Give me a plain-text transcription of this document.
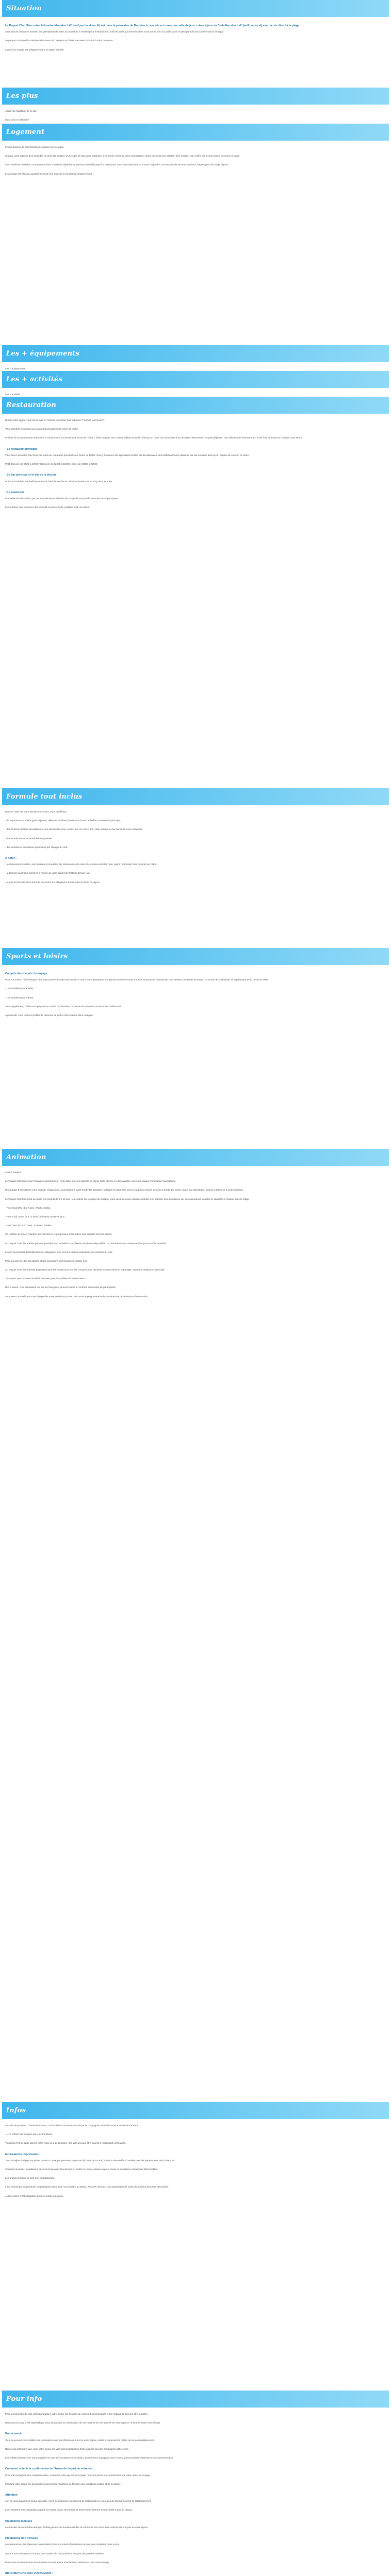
Situation
Le Paquet Club Starcruise Polonaise Marrakech 4* (tarif par local sur lit) est dans la polonaise de Marrakech, tout où se trouve une salle de jeux, mises à jour du Club Marrakech 4* (tarif par local) avec accès direct à la plage.
Sauf avis de l'écran en fonction des prestations de base, la procédure à l'entrée pour le Marrakech, mais les amis qui viennent chez vous seront bien accueillis dans ce petit paradis sur la côte nord de l'Afrique.
Le paquet comprend le transfert aller-retour de l'aéroport et l'hôtel Marrakech 4* situé à 8 km du centre.
La part du voyage est obligatoire dans la vague actuelle.
Les plus
A l'abri de l'agitation de la ville
Idéal pour se détendre
Logement
L'hôtel dispose de 218 chambres réparties sur 2 étages.
Chaque unité dispose d'un lit double ou deux lits simples, d'une salle de bain avec baignoire, d'un sèche-cheveux, de la climatisation, d'une télévision par satellite, d'un minibar, d'un coffre-fort et d'un balcon ou d'une terrasse.
Les chambres familiales comprennent deux chambres séparées et peuvent accueillir jusqu'à 4 personnes. Les suites disposent d'un salon séparé et d'un espace de vie plus spacieux, idéales pour les longs séjours.
Le ménage est effectué quotidiennement et le linge de lit est changé régulièrement.
Les + équipements
Les + équipements
Les + activités
Les + activités
Restauration
Durant votre séjour, vous serez logé en formule tout inclus (voir rubrique "Formule tout inclus").
Vous prendrez vos repas au restaurant principal sous forme de buffet.
Profitez de la gastronomie marocaine à volonté avec la formule tout inclus de l'hôtel. L'hôtel propose une cuisine raffinée au buffet ainsi qu'un choix de restaurants à la carte (sur réservation). Au petit-déjeuner, une sélection de viennoiseries, fruits frais et boissons chaudes vous attend.
- Le restaurant principal
Vous serez accueillis pour tous vos repas au restaurant principal sous forme de buffet. Vous y trouverez des spécialités locales et internationales, des buffets à thème plusieurs fois par semaine ainsi qu'un espace de cuisson en direct.
Petit-déjeuner de 7h00 à 10h00 / Déjeuner de 12h30 à 15h00 / Dîner de 19h00 à 22h00
- Le bar principal et le bar de la piscine
Boissons fraîches, cocktails sans alcool, thé à la menthe et collations servis tout au long de la journée.
- Le snack-bar
Une sélection de snacks, pizzas, sandwiches et salades est proposée en journée entre les repas principaux.
Les horaires sont donnés à titre indicatif et peuvent être modifiés selon la saison.
Formule tout inclus
Dans le cadre de votre formule tout inclus, vous bénéficiez :
- de la pension complète (petit-déjeuner, déjeuner et dîner) servie sous forme de buffet au restaurant principal,
- des boissons locales alcoolisées et non alcoolisées (eau, sodas, jus, vin, bière, thé, café) servies au bar principal et au restaurant,
- des snacks servis au snack-bar en journée,
- des activités et animations proposées par l'équipe du club.
A noter :
- les boissons importées, les boissons en bouteille, les restaurants à la carte et certaines activités (spa, sports motorisés) sont payants sur place.
- la formule tout inclus prend fin à l'heure de votre départ de l'hôtel le dernier jour.
- le port du bracelet de la formule tout inclus est obligatoire durant toute la durée du séjour.
Sports et loisirs
Compris dans le prix du voyage
Pour vos loisirs, l'hôtel Paquet Club Starcruise Polonaise Marrakech 4* met à votre disposition une piscine extérieure avec transats et parasols, une piscine pour enfants, un terrain de tennis, un terrain de volley-ball, de la pétanque et du tennis de table.
- Les activités pour adultes
- Les activités pour enfants
Avec supplément, l'hôtel vous propose un centre de bien-être, un centre de beauté et un hammam traditionnel.
A proximité, vous pourrez profiter de parcours de golf et d'excursions dans la région.
Animation
Station Paquet
Le Paquet Club Starcruise Polonaise Marrakech 4*, notre label qui vous garantit un séjour festif et riche en découvertes, avec une équipe d'animation francophone.
Une équipe d'animateurs vous propose chaque jour un programme varié d'activités sportives, ludiques et culturelles pour les adultes comme pour les enfants. En soirée, place aux spectacles, soirées à thème et à la discothèque.
Le Paquet Club Mini-Club accueille vos enfants de 4 à 12 ans : les enfants ont le plaisir de partager leurs vacances avec d'autres enfants. Les activités sont encadrées par des animateurs qualifiés et adaptées à chaque tranche d'âge.
- Pour Club Mini (4 à 7 ans) : Poule, Simba
- Pour Club Junior (8 à 12 ans) : Animation sportive, jeux
- Pour Teen (12 à 17 ans) : Activités, soirées
Ce nombre de lits en chambre, les activités et le programme d'animation sont adaptés selon la saison.
Au Paquet Club, les enfants peuvent participer aux activités sous réserve de places disponibles. Le club enfants est ouvert tous les jours sauf le vendredi.
Le port du bracelet d'identification est obligatoire pour tous les enfants participant aux activités du club.
Pour les soirées, des spectacles et des animations sont proposés chaque soir.
Au Paquet Club, les activités proposées pour les adolescents ont été conçues pour favoriser les rencontres et le partage, dans une ambiance conviviale.
- Il se peut que certaines activités ne soient pas disponibles en basse saison.
Bon à savoir : Les animations ont lieu en français et peuvent varier en fonction du nombre de participants.
Vous serez accueilli par notre équipe dès votre arrivée et pourrez découvrir le programme de la semaine lors de la réunion d'information.
Infos
Situation importante : Transavia France : Vol à l'aller et au retour assuré par la compagnie Transavia France au départ de Paris.
+ 4 % d'hôtel tout compris pour les transferts.
Transavia France (vols opérés entre Paris et la destination) : les vols peuvent être soumis à modification d'horaires.
Informations importantes :
Taxe de séjour à régler sur place : environ 2,50 € par personne et par nuit (à partir de 18 ans). Caution demandée à l'arrivée pour les équipements de la chambre.
Certaines activités, installations et services peuvent être fermés ou limités en basse saison ou pour cause de conditions climatiques défavorables.
Les photos présentées sont non contractuelles.
Il est nécessaire de présenter un passeport valide pour vous rendre au Maroc. Pour les mineurs, une autorisation de sortie du territoire peut être demandée.
Aucun vaccin n'est obligatoire pour se rendre au Maroc.
Pour info
Pour la recherche de vols correspondants à votre séjour, les horaires de vols sont communiqués à titre indicatif et peuvent être modifiés.
Dans tous les cas, il est impératif que vous demandiez la confirmation de vos horaires de vols auprès de votre agence 72 heures avant votre départ.
Bon à savoir :
Vous ne pouvez pas modifier vos réservations une fois effectuées. Lors de votre séjour, veillez à respecter les règles de vie de l'établissement.
Nous vous informons que, pour votre séjour, les vols sont susceptibles d'être assurés par des compagnies différentes.
Les enfants mineurs non accompagnés ne sont pas acceptés sur ce séjour. Les mineurs voyageant avec un seul parent doivent présenter les documents requis.
Comment obtenir la confirmation de l'heure de départ de votre vol :
Pour tout renseignement complémentaire, contactez votre agence de voyage. Vous trouverez les coordonnées sur votre carnet de voyage.
Pendant votre séjour, les prestations peuvent être modifiées en fonction des conditions locales et de la saison.
Attention
Afin de vous garantir un séjour agréable, merci de respecter les horaires de restauration et les règles de fonctionnement de l'établissement.
Les chambres sont disponibles à partir de 14h00 le jour de l'arrivée et doivent être libérées avant 12h00 le jour du départ.
Prestations incluses
Le transfert aéroport-hôtel-aéroport, l'hébergement en chambre double et la formule tout inclus sont compris dans le prix de votre séjour.
Prestations non incluses
Les assurances, les dépenses personnelles et les excursions facultatives ne sont pas comprises dans le prix.
Les prix sont calculés sur la base d'un nombre de nuits précis et non pas de journées entières.
Nous vous recommandons de souscrire une assurance annulation et assistance pour votre voyage.
INFORMATIONS AUX VOYAGEURS :
